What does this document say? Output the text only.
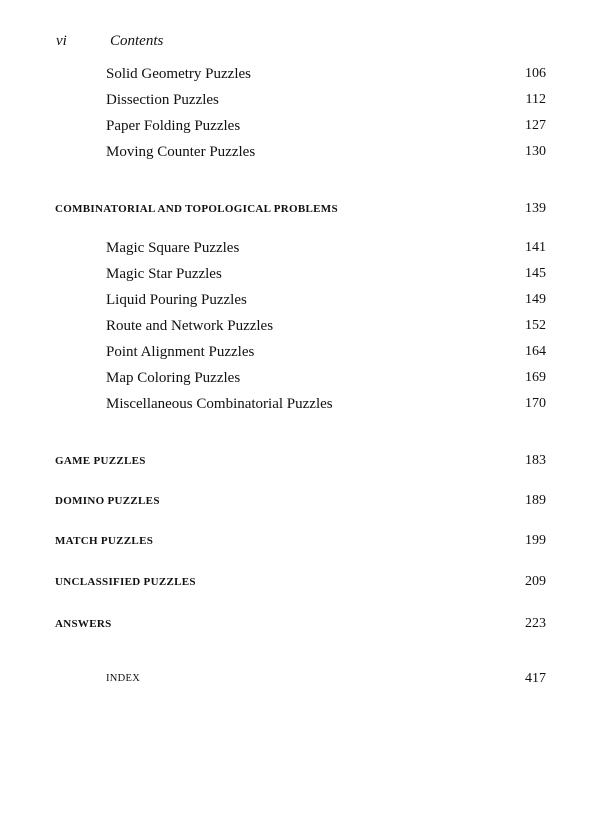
vi	Contents
Solid Geometry Puzzles	106
Dissection Puzzles	112
Paper Folding Puzzles	127
Moving Counter Puzzles	130
COMBINATORIAL AND TOPOLOGICAL PROBLEMS	139
Magic Square Puzzles	141
Magic Star Puzzles	145
Liquid Pouring Puzzles	149
Route and Network Puzzles	152
Point Alignment Puzzles	164
Map Coloring Puzzles	169
Miscellaneous Combinatorial Puzzles	170
GAME PUZZLES	183
DOMINO PUZZLES	189
MATCH PUZZLES	199
UNCLASSIFIED PUZZLES	209
ANSWERS	223
INDEX	417
